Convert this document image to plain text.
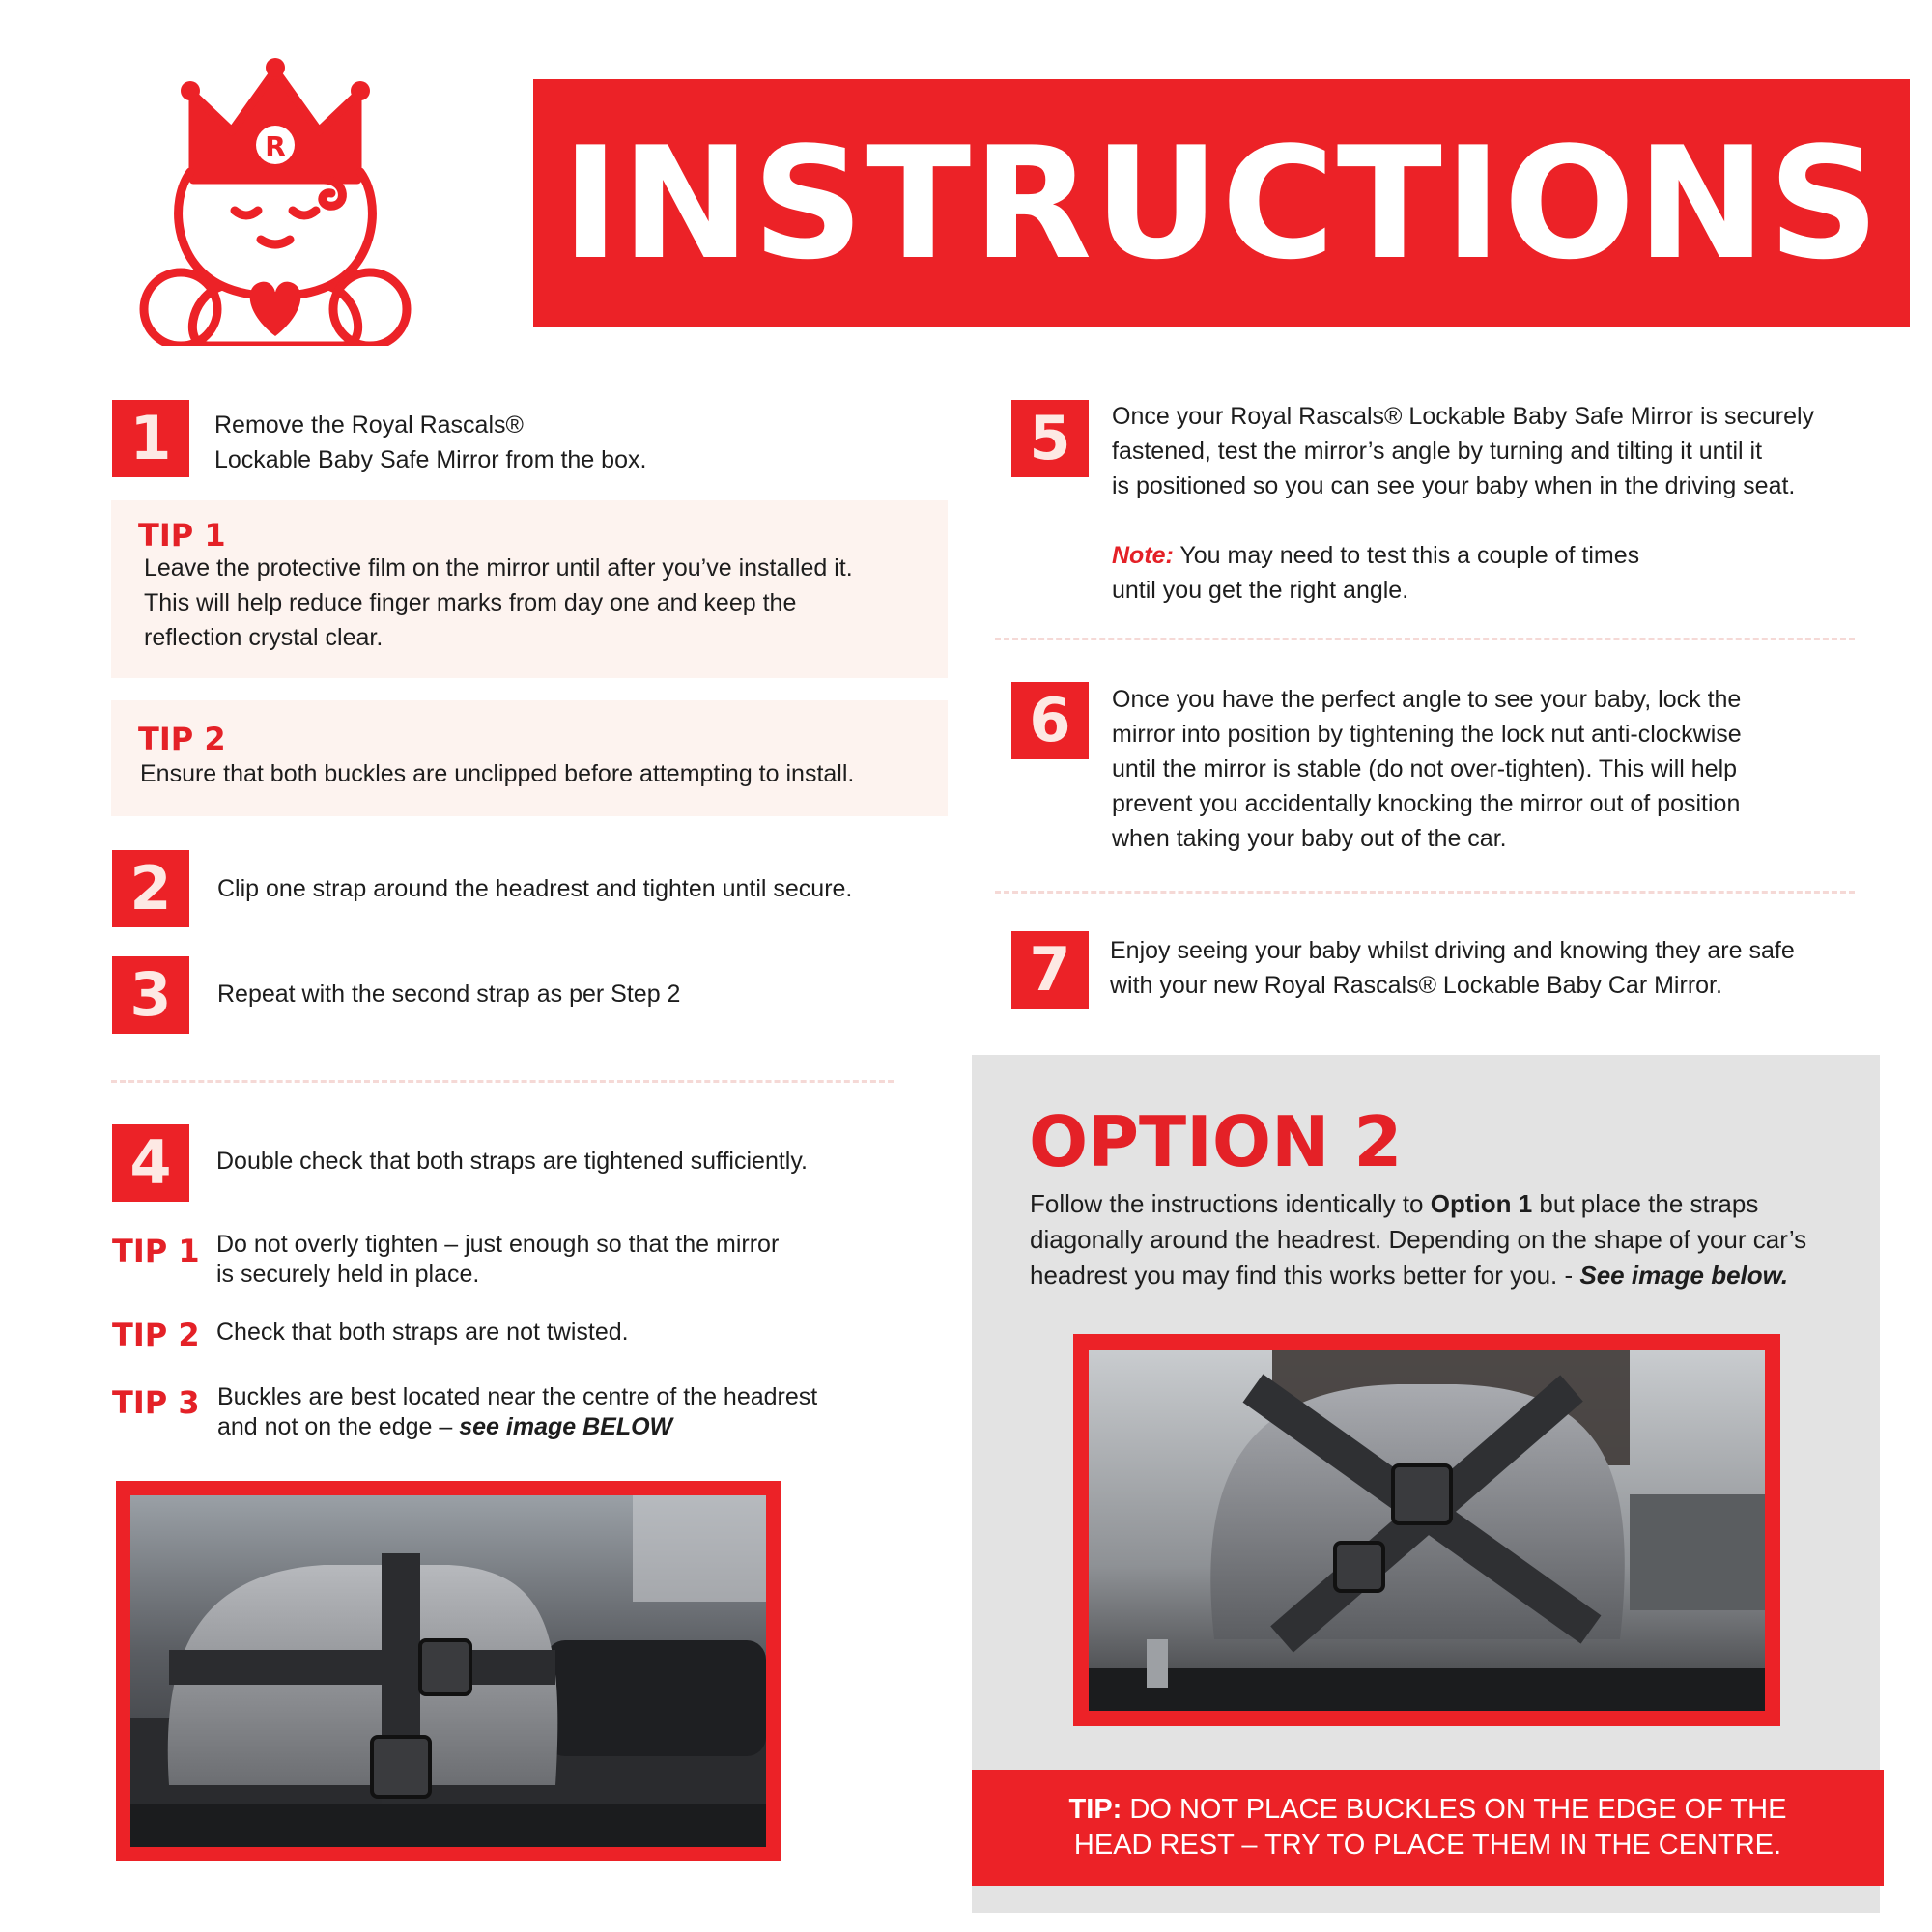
R INSTRUCTIONS
1	Remove the Royal Rascals®
Lockable Baby Safe Mirror from the box.
TIP 1
Leave the protective film on the mirror until after you’ve installed it.
This will help reduce finger marks from day one and keep the
reflection crystal clear.
TIP 2
Ensure that both buckles are unclipped before attempting to install.
2	Clip one strap around the headrest and tighten until secure.
3	Repeat with the second strap as per Step 2
4	Double check that both straps are tightened sufficiently.
TIP 1 Do not overly tighten – just enough so that the mirror
is securely held in place.
TIP 2 Check that both straps are not twisted.
TIP 3 Buckles are best located near the centre of the headrest
and not on the edge – see image BELOW
5	Once your Royal Rascals® Lockable Baby Safe Mirror is securely
fastened, test the mirror’s angle by turning and tilting it until it
is positioned so you can see your baby when in the driving seat.
Note: You may need to test this a couple of times
until you get the right angle.
6	Once you have the perfect angle to see your baby, lock the
mirror into position by tightening the lock nut anti-clockwise
until the mirror is stable (do not over-tighten). This will help
prevent you accidentally knocking the mirror out of position
when taking your baby out of the car.
7	Enjoy seeing your baby whilst driving and knowing they are safe
with your new Royal Rascals® Lockable Baby Car Mirror.
OPTION 2
Follow the instructions identically to Option 1 but place the straps
diagonally around the headrest. Depending on the shape of your car’s
headrest you may find this works better for you. - See image below.
TIP: DO NOT PLACE BUCKLES ON THE EDGE OF THE
HEAD REST – TRY TO PLACE THEM IN THE CENTRE.
